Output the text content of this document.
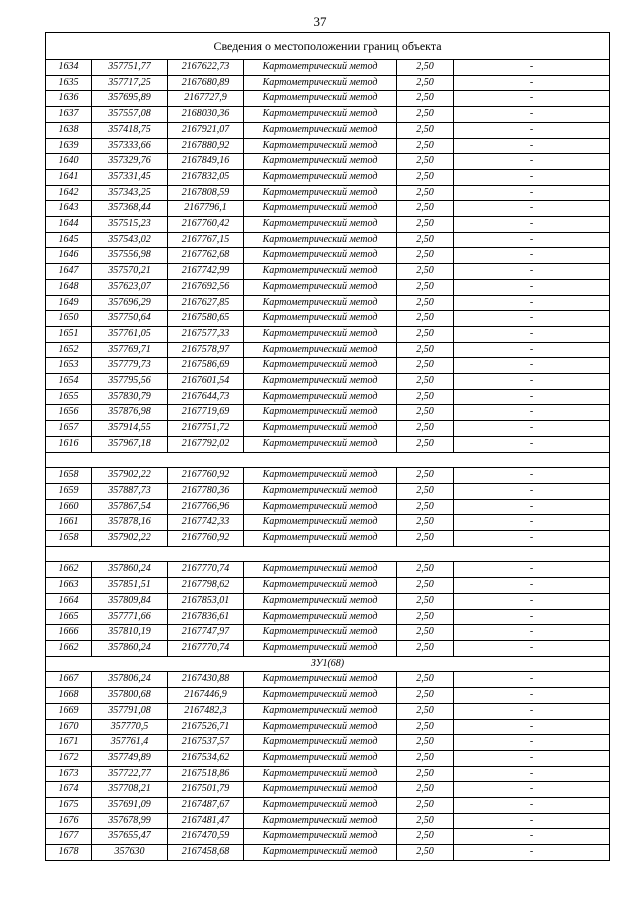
37
Сведения о местоположении границ объекта					
1634	357751,77	2167622,73	Картометрический метод	2,50	-
1635	357717,25	2167680,89	Картометрический метод	2,50	-
1636	357695,89	2167727,9	Картометрический метод	2,50	-
1637	357557,08	2168030,36	Картометрический метод	2,50	-
1638	357418,75	2167921,07	Картометрический метод	2,50	-
1639	357333,66	2167880,92	Картометрический метод	2,50	-
1640	357329,76	2167849,16	Картометрический метод	2,50	-
1641	357331,45	2167832,05	Картометрический метод	2,50	-
1642	357343,25	2167808,59	Картометрический метод	2,50	-
1643	357368,44	2167796,1	Картометрический метод	2,50	-
1644	357515,23	2167760,42	Картометрический метод	2,50	-
1645	357543,02	2167767,15	Картометрический метод	2,50	-
1646	357556,98	2167762,68	Картометрический метод	2,50	-
1647	357570,21	2167742,99	Картометрический метод	2,50	-
1648	357623,07	2167692,56	Картометрический метод	2,50	-
1649	357696,29	2167627,85	Картометрический метод	2,50	-
1650	357750,64	2167580,65	Картометрический метод	2,50	-
1651	357761,05	2167577,33	Картометрический метод	2,50	-
1652	357769,71	2167578,97	Картометрический метод	2,50	-
1653	357779,73	2167586,69	Картометрический метод	2,50	-
1654	357795,56	2167601,54	Картометрический метод	2,50	-
1655	357830,79	2167644,73	Картометрический метод	2,50	-
1656	357876,98	2167719,69	Картометрический метод	2,50	-
1657	357914,55	2167751,72	Картометрический метод	2,50	-
1616	357967,18	2167792,02	Картометрический метод	2,50	-

1658	357902,22	2167760,92	Картометрический метод	2,50	-
1659	357887,73	2167780,36	Картометрический метод	2,50	-
1660	357867,54	2167766,96	Картометрический метод	2,50	-
1661	357878,16	2167742,33	Картометрический метод	2,50	-
1658	357902,22	2167760,92	Картометрический метод	2,50	-

1662	357860,24	2167770,74	Картометрический метод	2,50	-
1663	357851,51	2167798,62	Картометрический метод	2,50	-
1664	357809,84	2167853,01	Картометрический метод	2,50	-
1665	357771,66	2167836,61	Картометрический метод	2,50	-
1666	357810,19	2167747,97	Картометрический метод	2,50	-
1662	357860,24	2167770,74	Картометрический метод	2,50	-
ЗУ1(68)					
1667	357806,24	2167430,88	Картометрический метод	2,50	-
1668	357800,68	2167446,9	Картометрический метод	2,50	-
1669	357791,08	2167482,3	Картометрический метод	2,50	-
1670	357770,5	2167526,71	Картометрический метод	2,50	-
1671	357761,4	2167537,57	Картометрический метод	2,50	-
1672	357749,89	2167534,62	Картометрический метод	2,50	-
1673	357722,77	2167518,86	Картометрический метод	2,50	-
1674	357708,21	2167501,79	Картометрический метод	2,50	-
1675	357691,09	2167487,67	Картометрический метод	2,50	-
1676	357678,99	2167481,47	Картометрический метод	2,50	-
1677	357655,47	2167470,59	Картометрический метод	2,50	-
1678	357630	2167458,68	Картометрический метод	2,50	-
